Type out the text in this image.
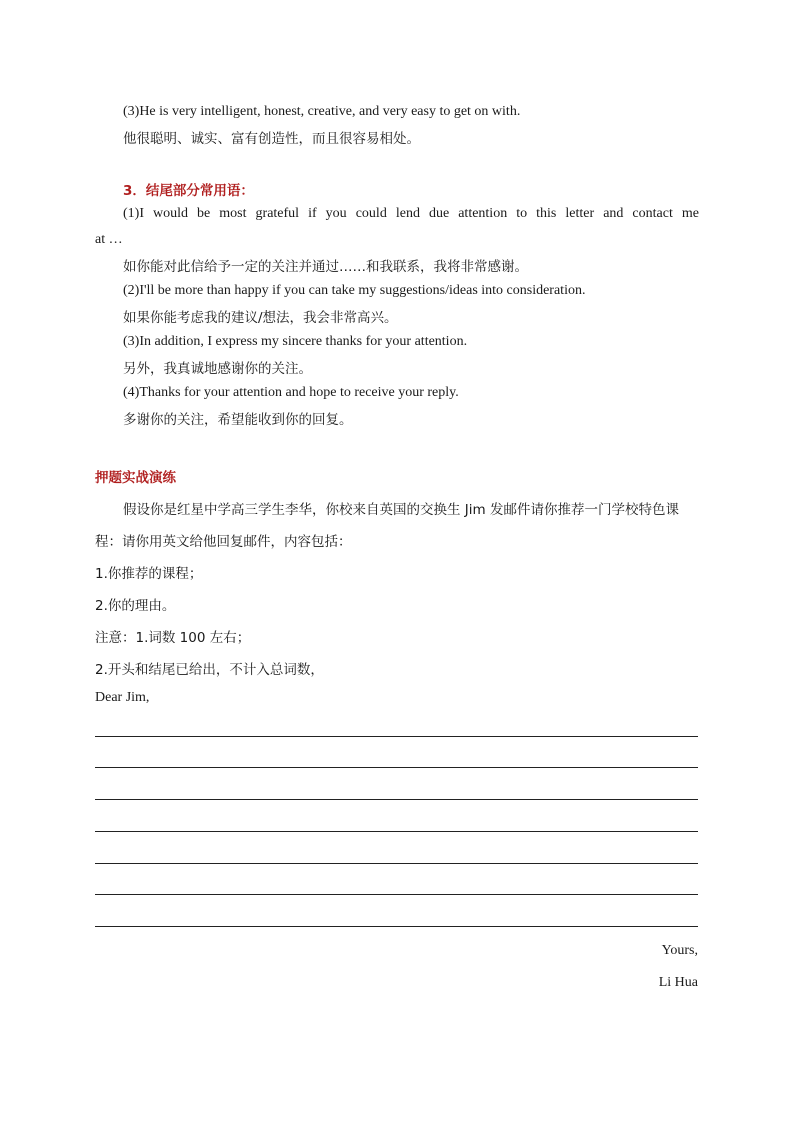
(3)He is very intelligent, honest, creative, and very easy to get on with.
他很聪明、诚实、富有创造性，而且很容易相处。
3．结尾部分常用语：
(1)I would be most grateful if you could lend due attention to this letter and contact me
at …
如你能对此信给予一定的关注并通过……和我联系，我将非常感谢。
(2)I'll be more than happy if you can take my suggestions/ideas into consideration.
如果你能考虑我的建议/想法，我会非常高兴。
(3)In addition, I express my sincere thanks for your attention.
另外，我真诚地感谢你的关注。
(4)Thanks for your attention and hope to receive your reply.
多谢你的关注，希望能收到你的回复。
押题实战演练
假设你是红星中学高三学生李华，你校来自英国的交换生 Jim 发邮件请你推荐一门学校特色课
程：请你用英文给他回复邮件，内容包括：
1.你推荐的课程；
2.你的理由。
注意：1.词数 100 左右；
2.开头和结尾已给出，不计入总词数，
Dear Jim,
Yours,
Li Hua
